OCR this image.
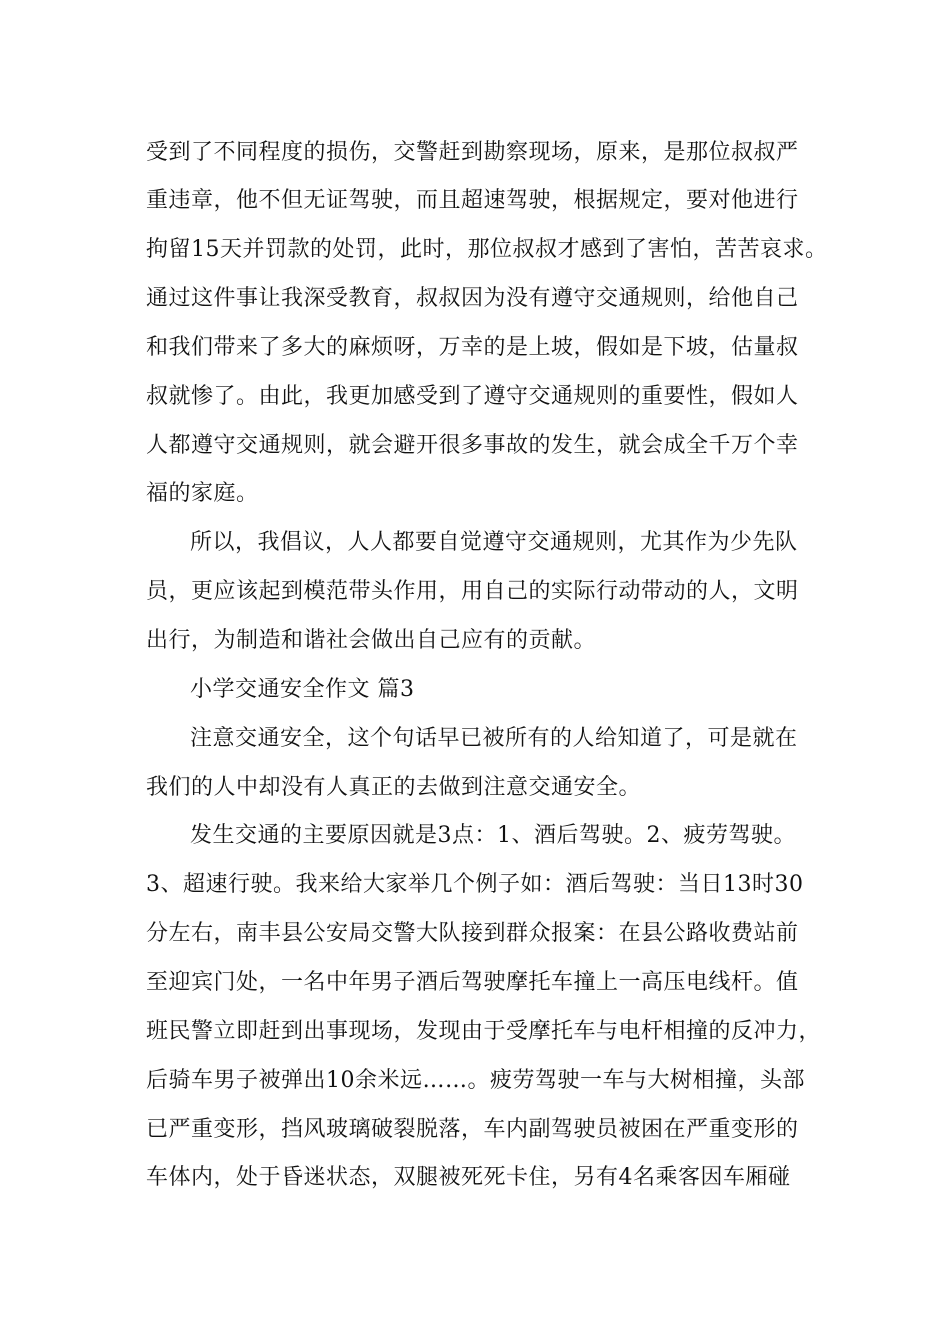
受到了不同程度的损伤，交警赶到勘察现场，原来，是那位叔叔严
重违章，他不但无证驾驶，而且超速驾驶，根据规定，要对他进行
拘留15天并罚款的处罚，此时，那位叔叔才感到了害怕，苦苦哀求。
通过这件事让我深受教育，叔叔因为没有遵守交通规则，给他自己
和我们带来了多大的麻烦呀，万幸的是上坡，假如是下坡，估量叔
叔就惨了。由此，我更加感受到了遵守交通规则的重要性，假如人
人都遵守交通规则，就会避开很多事故的发生，就会成全千万个幸
福的家庭。
所以，我倡议，人人都要自觉遵守交通规则，尤其作为少先队
员，更应该起到模范带头作用，用自己的实际行动带动的人，文明
出行，为制造和谐社会做出自己应有的贡献。
小学交通安全作文 篇3
注意交通安全，这个句话早已被所有的人给知道了，可是就在
我们的人中却没有人真正的去做到注意交通安全。
发生交通的主要原因就是3点：1、酒后驾驶。2、疲劳驾驶。
3、超速行驶。我来给大家举几个例子如：酒后驾驶：当日13时30
分左右，南丰县公安局交警大队接到群众报案：在县公路收费站前
至迎宾门处，一名中年男子酒后驾驶摩托车撞上一高压电线杆。值
班民警立即赶到出事现场，发现由于受摩托车与电杆相撞的反冲力，
后骑车男子被弹出10余米远……。疲劳驾驶一车与大树相撞，头部
已严重变形，挡风玻璃破裂脱落，车内副驾驶员被困在严重变形的
车体内，处于昏迷状态，双腿被死死卡住，另有4名乘客因车厢碰
